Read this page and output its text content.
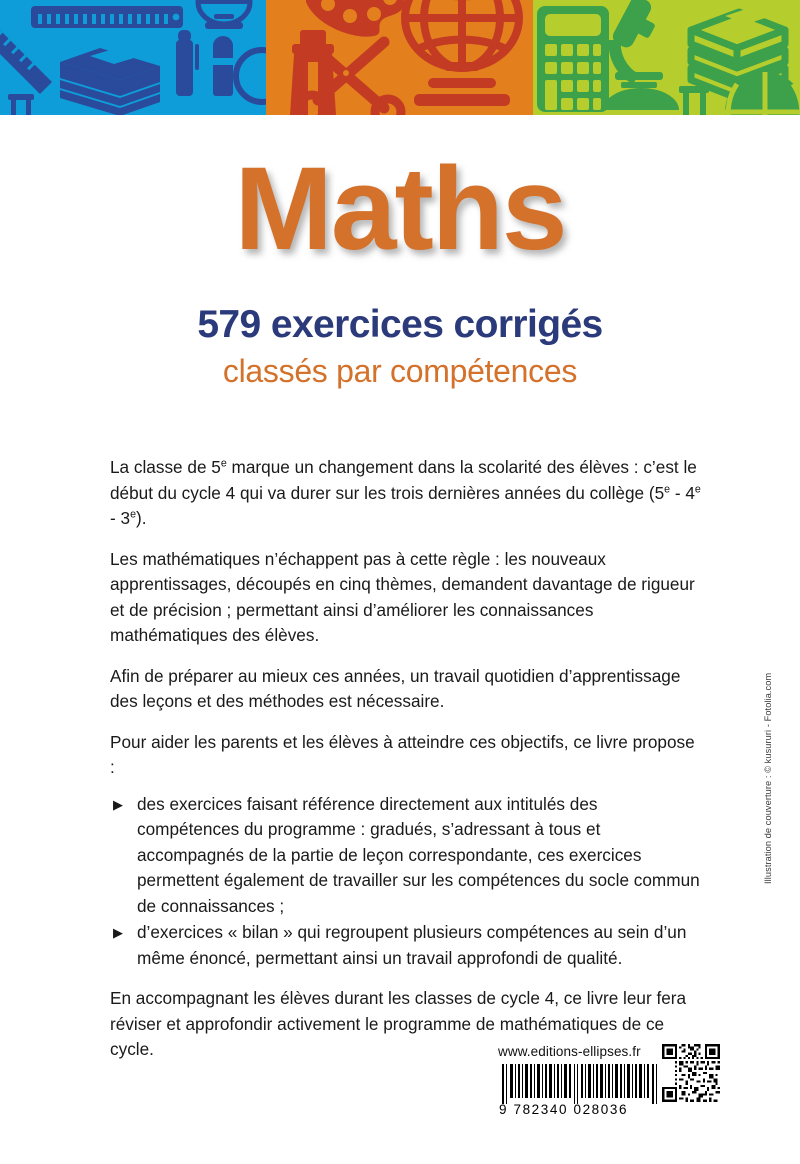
Maths
579 exercices corrigés
classés par compétences

La classe de 5e marque un changement dans la scolarité des élèves : c’est le début du cycle 4 qui va durer sur les trois dernières années du collège (5e - 4e - 3e).

Les mathématiques n’échappent pas à cette règle : les nouveaux apprentissages, découpés en cinq thèmes, demandent davantage de rigueur et de précision ; permettant ainsi d’améliorer les connaissances mathématiques des élèves.

Afin de préparer au mieux ces années, un travail quotidien d’apprentissage des leçons et des méthodes est nécessaire.

Pour aider les parents et les élèves à atteindre ces objectifs, ce livre propose :

▶ des exercices faisant référence directement aux intitulés des compétences du programme : gradués, s’adressant à tous et accompagnés de la partie de leçon correspondante, ces exercices permettent également de travailler sur les compétences du socle commun de connaissances ;
▶ d’exercices « bilan » qui regroupent plusieurs compétences au sein d’un même énoncé, permettant ainsi un travail approfondi de qualité.

En accompagnant les élèves durant les classes de cycle 4, ce livre leur fera réviser et approfondir activement le programme de mathématiques de ce cycle.	www.editions-ellipses.fr
9 782340 028036
Illustration de couverture : © kusururi - Fotolia.com
